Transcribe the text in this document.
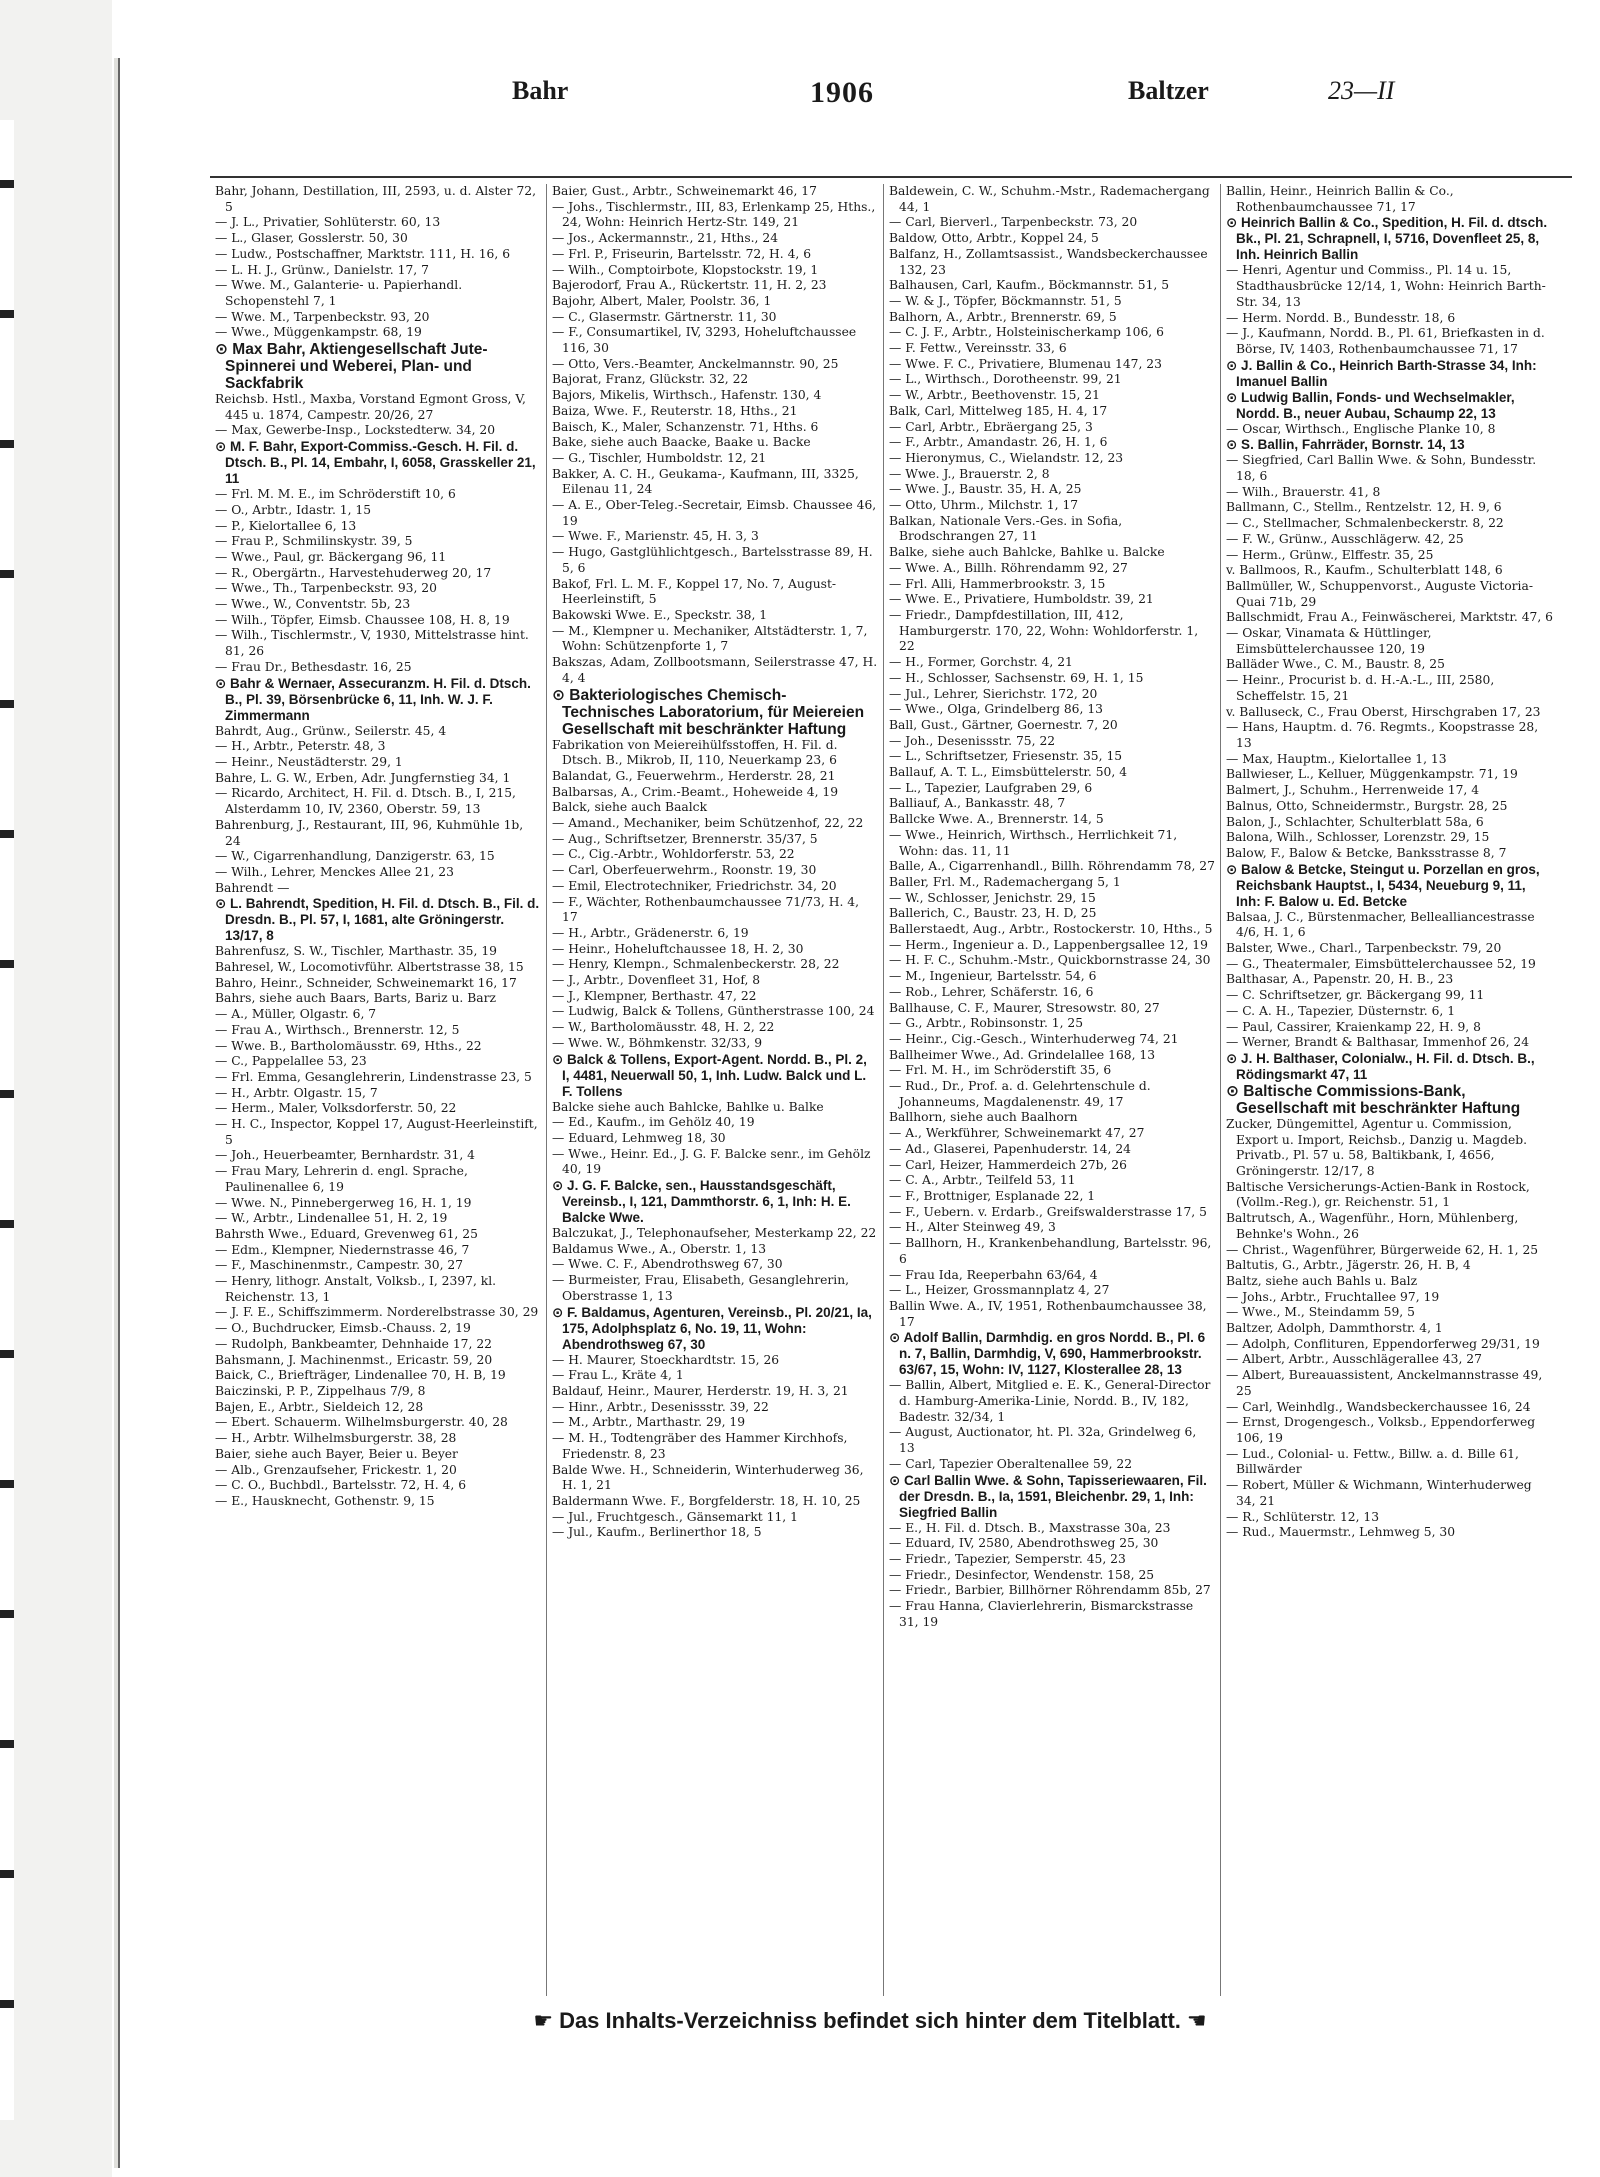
Bahr	1906	Baltzer	23—II

Bahr, Johann, Destillation, III, 2593, u. d. Alster 72, 5

— J. L., Privatier, Sohlüterstr. 60, 13

— L., Glaser, Gosslerstr. 50, 30

— Ludw., Postschaffner, Marktstr. 111, H. 16, 6

— L. H. J., Grünw., Danielstr. 17, 7

— Wwe. M., Galanterie- u. Papierhandl. Schopenstehl 7, 1

— Wwe. M., Tarpenbeckstr. 93, 20

— Wwe., Müggenkampstr. 68, 19

⊙ Max Bahr, Aktiengesellschaft Jute-Spinnerei und Weberei, Plan- und Sackfabrik

Reichsb. Hstl., Maxba, Vorstand Egmont Gross, V, 445 u. 1874, Campestr. 20/26, 27

— Max, Gewerbe-Insp., Lockstedterw. 34, 20

⊙ M. F. Bahr, Export-Commiss.-Gesch. H. Fil. d. Dtsch. B., Pl. 14, Embahr, I, 6058, Grasskeller 21, 11

— Frl. M. M. E., im Schröderstift 10, 6

— O., Arbtr., Idastr. 1, 15

— P., Kielortallee 6, 13

— Frau P., Schmilinskystr. 39, 5

— Wwe., Paul, gr. Bäckergang 96, 11

— R., Obergärtn., Harvestehuderweg 20, 17

— Wwe., Th., Tarpenbeckstr. 93, 20

— Wwe., W., Conventstr. 5b, 23

— Wilh., Töpfer, Eimsb. Chaussee 108, H. 8, 19

— Wilh., Tischlermstr., V, 1930, Mittelstrasse hint. 81, 26

— Frau Dr., Bethesdastr. 16, 25

⊙ Bahr & Wernaer, Assecuranzm. H. Fil. d. Dtsch. B., Pl. 39, Börsenbrücke 6, 11, Inh. W. J. F. Zimmermann

Bahrdt, Aug., Grünw., Seilerstr. 45, 4

— H., Arbtr., Peterstr. 48, 3

— Heinr., Neustädterstr. 29, 1

Bahre, L. G. W., Erben, Adr. Jungfernstieg 34, 1

— Ricardo, Architect, H. Fil. d. Dtsch. B., I, 215, Alsterdamm 10, IV, 2360, Oberstr. 59, 13

Bahrenburg, J., Restaurant, III, 96, Kuhmühle 1b, 24

— W., Cigarrenhandlung, Danzigerstr. 63, 15

— Wilh., Lehrer, Menckes Allee 21, 23

Bahrendt —

⊙ L. Bahrendt, Spedition, H. Fil. d. Dtsch. B., Fil. d. Dresdn. B., Pl. 57, I, 1681, alte Gröningerstr. 13/17, 8

Bahrenfusz, S. W., Tischler, Marthastr. 35, 19

Bahresel, W., Locomotivführ. Albertstrasse 38, 15

Bahro, Heinr., Schneider, Schweinemarkt 16, 17

Bahrs, siehe auch Baars, Barts, Bariz u. Barz

— A., Müller, Olgastr. 6, 7

— Frau A., Wirthsch., Brennerstr. 12, 5

— Wwe. B., Bartholomäusstr. 69, Hths., 22

— C., Pappelallee 53, 23

— Frl. Emma, Gesanglehrerin, Lindenstrasse 23, 5

— H., Arbtr. Olgastr. 15, 7

— Herm., Maler, Volksdorferstr. 50, 22

— H. C., Inspector, Koppel 17, August-Heerleinstift, 5

— Joh., Heuerbeamter, Bernhardstr. 31, 4

— Frau Mary, Lehrerin d. engl. Sprache, Paulinenallee 6, 19

— Wwe. N., Pinnebergerweg 16, H. 1, 19

— W., Arbtr., Lindenallee 51, H. 2, 19

Bahrsth Wwe., Eduard, Grevenweg 61, 25

— Edm., Klempner, Niedernstrasse 46, 7

— F., Maschinenmstr., Campestr. 30, 27

— Henry, lithogr. Anstalt, Volksb., I, 2397, kl. Reichenstr. 13, 1

— J. F. E., Schiffszimmerm. Norderelbstrasse 30, 29

— O., Buchdrucker, Eimsb.-Chauss. 2, 19

— Rudolph, Bankbeamter, Dehnhaide 17, 22

Bahsmann, J. Machinenmst., Ericastr. 59, 20

Baick, C., Briefträger, Lindenallee 70, H. B, 19

Baiczinski, P. P., Zippelhaus 7/9, 8

Bajen, E., Arbtr., Sieldeich 12, 28

— Ebert. Schauerm. Wilhelmsburgerstr. 40, 28

— H., Arbtr. Wilhelmsburgerstr. 38, 28

Baier, siehe auch Bayer, Beier u. Beyer

— Alb., Grenzaufseher, Frickestr. 1, 20

— C. O., Buchbdl., Bartelsstr. 72, H. 4, 6

— E., Hausknecht, Gothenstr. 9, 15

Baier, Gust., Arbtr., Schweinemarkt 46, 17

— Johs., Tischlermstr., III, 83, Erlenkamp 25, Hths., 24, Wohn: Heinrich Hertz-Str. 149, 21

— Jos., Ackermannstr., 21, Hths., 24

— Frl. P., Friseurin, Bartelsstr. 72, H. 4, 6

— Wilh., Comptoirbote, Klopstockstr. 19, 1

Bajerodorf, Frau A., Rückertstr. 11, H. 2, 23

Bajohr, Albert, Maler, Poolstr. 36, 1

— C., Glasermstr. Gärtnerstr. 11, 30

— F., Consumartikel, IV, 3293, Hoheluftchaussee 116, 30

— Otto, Vers.-Beamter, Anckelmannstr. 90, 25

Bajorat, Franz, Glückstr. 32, 22

Bajors, Mikelis, Wirthsch., Hafenstr. 130, 4

Baiza, Wwe. F., Reuterstr. 18, Hths., 21

Baisch, K., Maler, Schanzenstr. 71, Hths. 6

Bake, siehe auch Baacke, Baake u. Backe

— G., Tischler, Humboldstr. 12, 21

Bakker, A. C. H., Geukama-, Kaufmann, III, 3325, Eilenau 11, 24

— A. E., Ober-Teleg.-Secretair, Eimsb. Chaussee 46, 19

— Wwe. F., Marienstr. 45, H. 3, 3

— Hugo, Gastglühlichtgesch., Bartelsstrasse 89, H. 5, 6

Bakof, Frl. L. M. F., Koppel 17, No. 7, August-Heerleinstift, 5

Bakowski Wwe. E., Speckstr. 38, 1

— M., Klempner u. Mechaniker, Altstädterstr. 1, 7, Wohn: Schützenpforte 1, 7

Bakszas, Adam, Zollbootsmann, Seilerstrasse 47, H. 4, 4

⊙ Bakteriologisches Chemisch-Technisches Laboratorium, für Meiereien Gesellschaft mit beschränkter Haftung

Fabrikation von Meiereihülfsstoffen, H. Fil. d. Dtsch. B., Mikrob, II, 110, Neuerkamp 23, 6

Balandat, G., Feuerwehrm., Herderstr. 28, 21

Balbarsas, A., Crim.-Beamt., Hoheweide 4, 19

Balck, siehe auch Baalck

— Amand., Mechaniker, beim Schützenhof, 22, 22

— Aug., Schriftsetzer, Brennerstr. 35/37, 5

— C., Cig.-Arbtr., Wohldorferstr. 53, 22

— Carl, Oberfeuerwehrm., Roonstr. 19, 30

— Emil, Electrotechniker, Friedrichstr. 34, 20

— F., Wächter, Rothenbaumchaussee 71/73, H. 4, 17

— H., Arbtr., Grädenerstr. 6, 19

— Heinr., Hoheluftchaussee 18, H. 2, 30

— Henry, Klempn., Schmalenbeckerstr. 28, 22

— J., Arbtr., Dovenfleet 31, Hof, 8

— J., Klempner, Berthastr. 47, 22

— Ludwig, Balck & Tollens, Güntherstrasse 100, 24

— W., Bartholomäusstr. 48, H. 2, 22

— Wwe. W., Böhmkenstr. 32/33, 9

⊙ Balck & Tollens, Export-Agent. Nordd. B., Pl. 2, I, 4481, Neuerwall 50, 1, Inh. Ludw. Balck und L. F. Tollens

Balcke siehe auch Bahlcke, Bahlke u. Balke

— Ed., Kaufm., im Gehölz 40, 19

— Eduard, Lehmweg 18, 30

— Wwe., Heinr. Ed., J. G. F. Balcke senr., im Gehölz 40, 19

⊙ J. G. F. Balcke, sen., Hausstandsgeschäft, Vereinsb., I, 121, Dammthorstr. 6, 1, Inh: H. E. Balcke Wwe.

Balczukat, J., Telephonaufseher, Mesterkamp 22, 22

Baldamus Wwe., A., Oberstr. 1, 13

— Wwe. C. F., Abendrothsweg 67, 30

— Burmeister, Frau, Elisabeth, Gesanglehrerin, Oberstrasse 1, 13

⊙ F. Baldamus, Agenturen, Vereinsb., Pl. 20/21, Ia, 175, Adolphsplatz 6, No. 19, 11, Wohn: Abendrothsweg 67, 30

— H. Maurer, Stoeckhardtstr. 15, 26

— Frau L., Kräte 4, 1

Baldauf, Heinr., Maurer, Herderstr. 19, H. 3, 21

— Hinr., Arbtr., Desenissstr. 39, 22

— M., Arbtr., Marthastr. 29, 19

— M. H., Todtengräber des Hammer Kirchhofs, Friedenstr. 8, 23

Balde Wwe. H., Schneiderin, Winterhuderweg 36, H. 1, 21

Baldermann Wwe. F., Borgfelderstr. 18, H. 10, 25

— Jul., Fruchtgesch., Gänsemarkt 11, 1

— Jul., Kaufm., Berlinerthor 18, 5

Baldewein, C. W., Schuhm.-Mstr., Rademachergang 44, 1

— Carl, Bierverl., Tarpenbeckstr. 73, 20

Baldow, Otto, Arbtr., Koppel 24, 5

Balfanz, H., Zollamtsassist., Wandsbeckerchaussee 132, 23

Balhausen, Carl, Kaufm., Böckmannstr. 51, 5

— W. & J., Töpfer, Böckmannstr. 51, 5

Balhorn, A., Arbtr., Brennerstr. 69, 5

— C. J. F., Arbtr., Holsteinischerkamp 106, 6

— F. Fettw., Vereinsstr. 33, 6

— Wwe. F. C., Privatiere, Blumenau 147, 23

— L., Wirthsch., Dorotheenstr. 99, 21

— W., Arbtr., Beethovenstr. 15, 21

Balk, Carl, Mittelweg 185, H. 4, 17

— Carl, Arbtr., Ebräergang 25, 3

— F., Arbtr., Amandastr. 26, H. 1, 6

— Hieronymus, C., Wielandstr. 12, 23

— Wwe. J., Brauerstr. 2, 8

— Wwe. J., Baustr. 35, H. A, 25

— Otto, Uhrm., Milchstr. 1, 17

Balkan, Nationale Vers.-Ges. in Sofia, Brodschrangen 27, 11

Balke, siehe auch Bahlcke, Bahlke u. Balcke

— Wwe. A., Billh. Röhrendamm 92, 27

— Frl. Alli, Hammerbrookstr. 3, 15

— Wwe. E., Privatiere, Humboldstr. 39, 21

— Friedr., Dampfdestillation, III, 412, Hamburgerstr. 170, 22, Wohn: Wohldorferstr. 1, 22

— H., Former, Gorchstr. 4, 21

— H., Schlosser, Sachsenstr. 69, H. 1, 15

— Jul., Lehrer, Sierichstr. 172, 20

— Wwe., Olga, Grindelberg 86, 13

Ball, Gust., Gärtner, Goernestr. 7, 20

— Joh., Desenissstr. 75, 22

— L., Schriftsetzer, Friesenstr. 35, 15

Ballauf, A. T. L., Eimsbüttelerstr. 50, 4

— L., Tapezier, Laufgraben 29, 6

Balliauf, A., Bankasstr. 48, 7

Ballcke Wwe. A., Brennerstr. 14, 5

— Wwe., Heinrich, Wirthsch., Herrlichkeit 71, Wohn: das. 11, 11

Balle, A., Cigarrenhandl., Billh. Röhrendamm 78, 27

Baller, Frl. M., Rademachergang 5, 1

— W., Schlosser, Jenichstr. 29, 15

Ballerich, C., Baustr. 23, H. D, 25

Ballerstaedt, Aug., Arbtr., Rostockerstr. 10, Hths., 5

— Herm., Ingenieur a. D., Lappenbergsallee 12, 19

— H. F. C., Schuhm.-Mstr., Quickbornstrasse 24, 30

— M., Ingenieur, Bartelsstr. 54, 6

— Rob., Lehrer, Schäferstr. 16, 6

Ballhause, C. F., Maurer, Stresowstr. 80, 27

— G., Arbtr., Robinsonstr. 1, 25

— Heinr., Cig.-Gesch., Winterhuderweg 74, 21

Ballheimer Wwe., Ad. Grindelallee 168, 13

— Frl. M. H., im Schröderstift 35, 6

— Rud., Dr., Prof. a. d. Gelehrtenschule d. Johanneums, Magdalenenstr. 49, 17

Ballhorn, siehe auch Baalhorn

— A., Werkführer, Schweinemarkt 47, 27

— Ad., Glaserei, Papenhuderstr. 14, 24

— Carl, Heizer, Hammerdeich 27b, 26

— C. A., Arbtr., Teilfeld 53, 11

— F., Brottniger, Esplanade 22, 1

— F., Uebern. v. Erdarb., Greifswalderstrasse 17, 5

— H., Alter Steinweg 49, 3

— Ballhorn, H., Krankenbehandlung, Bartelsstr. 96, 6

— Frau Ida, Reeperbahn 63/64, 4

— L., Heizer, Grossmannplatz 4, 27

Ballin Wwe. A., IV, 1951, Rothenbaumchaussee 38, 17

⊙ Adolf Ballin, Darmhdig. en gros Nordd. B., Pl. 6 n. 7, Ballin, Darmhdig, V, 690, Hammerbrookstr. 63/67, 15, Wohn: IV, 1127, Klosterallee 28, 13

— Ballin, Albert, Mitglied e. E. K., General-Director d. Hamburg-Amerika-Linie, Nordd. B., IV, 182, Badestr. 32/34, 1

— August, Auctionator, ht. Pl. 32a, Grindelweg 6, 13

— Carl, Tapezier Oberaltenallee 59, 22

⊙ Carl Ballin Wwe. & Sohn, Tapisseriewaaren, Fil. der Dresdn. B., Ia, 1591, Bleichenbr. 29, 1, Inh: Siegfried Ballin

— E., H. Fil. d. Dtsch. B., Maxstrasse 30a, 23

— Eduard, IV, 2580, Abendrothsweg 25, 30

— Friedr., Tapezier, Semperstr. 45, 23

— Friedr., Desinfector, Wendenstr. 158, 25

— Friedr., Barbier, Billhörner Röhrendamm 85b, 27

— Frau Hanna, Clavierlehrerin, Bismarckstrasse 31, 19

Ballin, Heinr., Heinrich Ballin & Co., Rothenbaumchaussee 71, 17

⊙ Heinrich Ballin & Co., Spedition, H. Fil. d. dtsch. Bk., Pl. 21, Schrapnell, I, 5716, Dovenfleet 25, 8, Inh. Heinrich Ballin

— Henri, Agentur und Commiss., Pl. 14 u. 15, Stadthausbrücke 12/14, 1, Wohn: Heinrich Barth-Str. 34, 13

— Herm. Nordd. B., Bundesstr. 18, 6

— J., Kaufmann, Nordd. B., Pl. 61, Briefkasten in d. Börse, IV, 1403, Rothenbaumchaussee 71, 17

⊙ J. Ballin & Co., Heinrich Barth-Strasse 34, Inh: Imanuel Ballin

⊙ Ludwig Ballin, Fonds- und Wechselmakler, Nordd. B., neuer Aubau, Schaump 22, 13

— Oscar, Wirthsch., Englische Planke 10, 8

⊙ S. Ballin, Fahrräder, Bornstr. 14, 13

— Siegfried, Carl Ballin Wwe. & Sohn, Bundesstr. 18, 6

— Wilh., Brauerstr. 41, 8

Ballmann, C., Stellm., Rentzelstr. 12, H. 9, 6

— C., Stellmacher, Schmalenbeckerstr. 8, 22

— F. W., Grünw., Ausschlägerw. 42, 25

— Herm., Grünw., Elffestr. 35, 25

v. Ballmoos, R., Kaufm., Schulterblatt 148, 6

Ballmüller, W., Schuppenvorst., Auguste Victoria-Quai 71b, 29

Ballschmidt, Frau A., Feinwäscherei, Marktstr. 47, 6

— Oskar, Vinamata & Hüttlinger, Eimsbüttelerchaussee 120, 19

Balläder Wwe., C. M., Baustr. 8, 25

— Heinr., Procurist b. d. H.-A.-L., III, 2580, Scheffelstr. 15, 21

v. Balluseck, C., Frau Oberst, Hirschgraben 17, 23

— Hans, Hauptm. d. 76. Regmts., Koopstrasse 28, 13

— Max, Hauptm., Kielortallee 1, 13

Ballwieser, L., Kelluer, Müggenkampstr. 71, 19

Balmert, J., Schuhm., Herrenweide 17, 4

Balnus, Otto, Schneidermstr., Burgstr. 28, 25

Balon, J., Schlachter, Schulterblatt 58a, 6

Balona, Wilh., Schlosser, Lorenzstr. 29, 15

Balow, F., Balow & Betcke, Banksstrasse 8, 7

⊙ Balow & Betcke, Steingut u. Porzellan en gros, Reichsbank Hauptst., I, 5434, Neueburg 9, 11, Inh: F. Balow u. Ed. Betcke

Balsaa, J. C., Bürstenmacher, Bellealliancestrasse 4/6, H. 1, 6

Balster, Wwe., Charl., Tarpenbeckstr. 79, 20

— G., Theatermaler, Eimsbüttelerchaussee 52, 19

Balthasar, A., Papenstr. 20, H. B., 23

— C. Schriftsetzer, gr. Bäckergang 99, 11

— C. A. H., Tapezier, Düsternstr. 6, 1

— Paul, Cassirer, Kraienkamp 22, H. 9, 8

— Werner, Brandt & Balthasar, Immenhof 26, 24

⊙ J. H. Balthaser, Colonialw., H. Fil. d. Dtsch. B., Rödingsmarkt 47, 11

⊙ Baltische Commissions-Bank, Gesellschaft mit beschränkter Haftung

Zucker, Düngemittel, Agentur u. Commission, Export u. Import, Reichsb., Danzig u. Magdeb. Privatb., Pl. 57 u. 58, Baltikbank, I, 4656, Gröningerstr. 12/17, 8

Baltische Versicherungs-Actien-Bank in Rostock, (Vollm.-Reg.), gr. Reichenstr. 51, 1

Baltrutsch, A., Wagenführ., Horn, Mühlenberg, Behnke's Wohn., 26

— Christ., Wagenführer, Bürgerweide 62, H. 1, 25

Baltutis, G., Arbtr., Jägerstr. 26, H. B, 4

Baltz, siehe auch Bahls u. Balz

— Johs., Arbtr., Fruchtallee 97, 19

— Wwe., M., Steindamm 59, 5

Baltzer, Adolph, Dammthorstr. 4, 1

— Adolph, Conflituren, Eppendorferweg 29/31, 19

— Albert, Arbtr., Ausschlägerallee 43, 27

— Albert, Bureauassistent, Anckelmannstrasse 49, 25

— Carl, Weinhdlg., Wandsbeckerchaussee 16, 24

— Ernst, Drogengesch., Volksb., Eppendorferweg 106, 19

— Lud., Colonial- u. Fettw., Billw. a. d. Bille 61, Billwärder

— Robert, Müller & Wichmann, Winterhuderweg 34, 21

— R., Schlüterstr. 12, 13

— Rud., Mauermstr., Lehmweg 5, 30

☛ Das Inhalts-Verzeichniss befindet sich hinter dem Titelblatt. ☚
